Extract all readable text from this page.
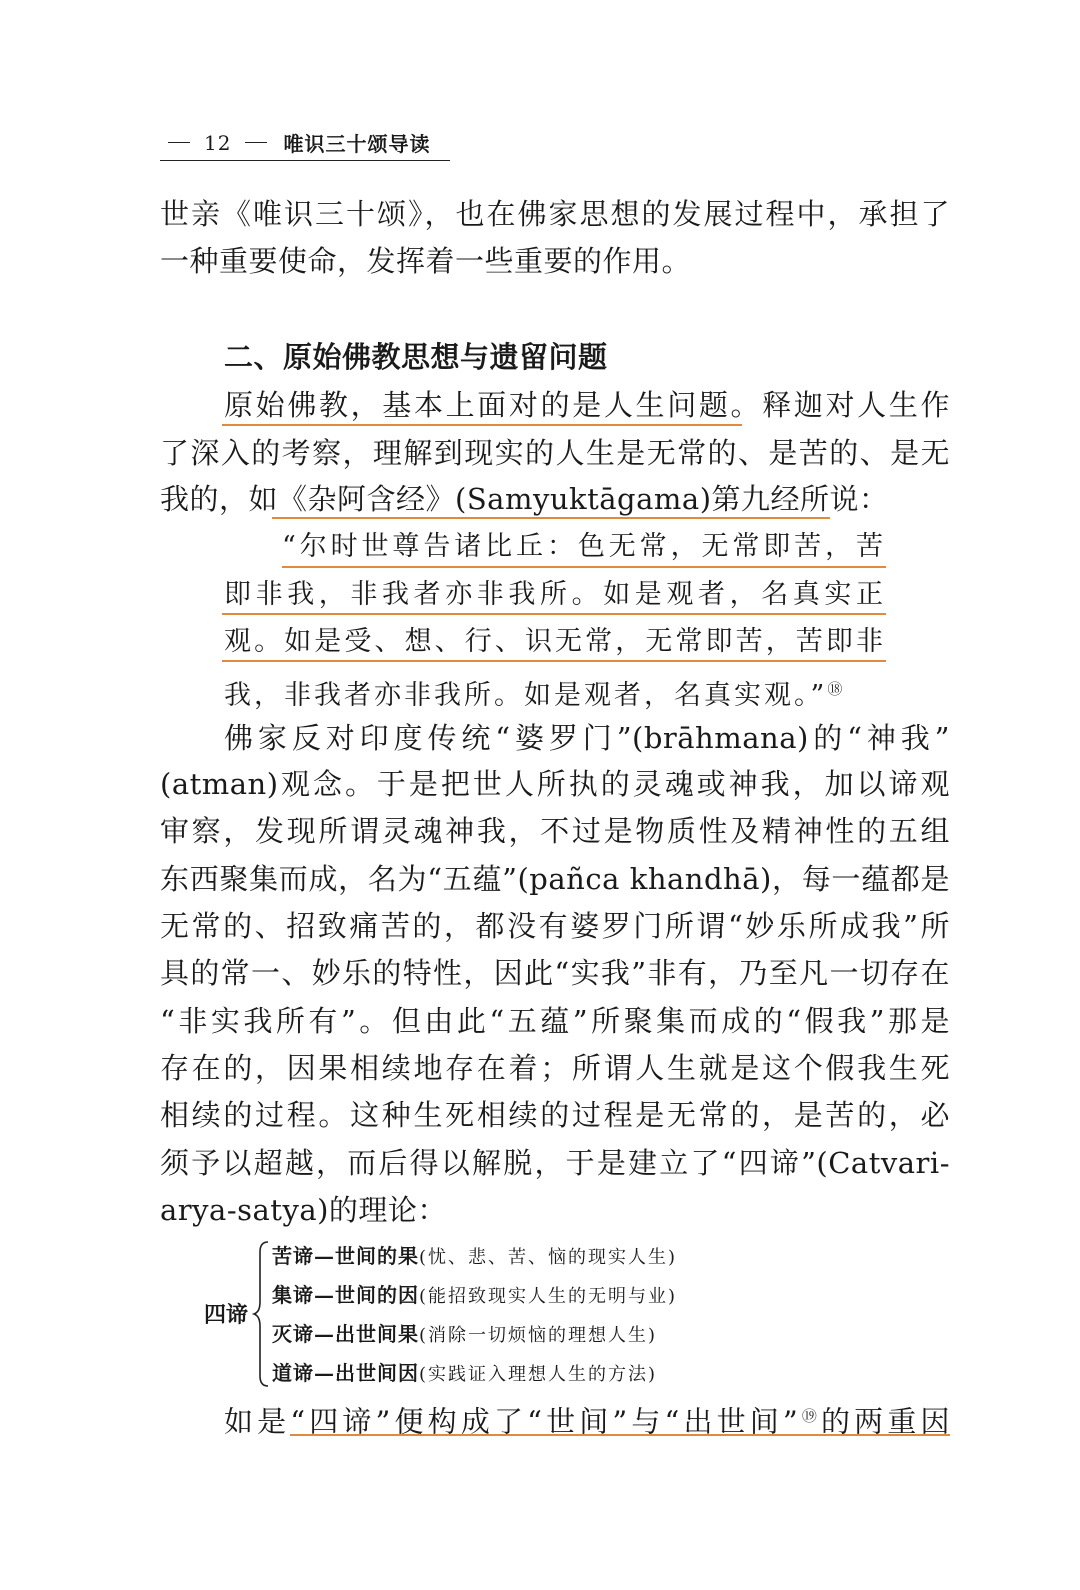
12	唯识三十颂导读
世亲《唯识三十颂》，也在佛家思想的发展过程中，承担了
一种重要使命，发挥着一些重要的作用。
二、原始佛教思想与遗留问题
原始佛教，基本上面对的是人生问题。释迦对人生作
了深入的考察，理解到现实的人生是无常的、是苦的、是无
我的，如《杂阿含经》(Samyuktāgama)第九经所说：
“尔时世尊告诸比丘：色无常，无常即苦，苦
即非我，非我者亦非我所。如是观者，名真实正
观。如是受、想、行、识无常，无常即苦，苦即非
我，非我者亦非我所。如是观者，名真实观。”⑱
佛家反对印度传统“婆罗门”(brāhmana)的“神我”
(atman)观念。于是把世人所执的灵魂或神我，加以谛观
审察，发现所谓灵魂神我，不过是物质性及精神性的五组
东西聚集而成，名为“五蕴”(pañca khandhā)，每一蕴都是
无常的、招致痛苦的，都没有婆罗门所谓“妙乐所成我”所
具的常一、妙乐的特性，因此“实我”非有，乃至凡一切存在
“非实我所有”。但由此“五蕴”所聚集而成的“假我”那是
存在的，因果相续地存在着；所谓人生就是这个假我生死
相续的过程。这种生死相续的过程是无常的，是苦的，必
须予以超越，而后得以解脱，于是建立了“四谛”(Catvari-
arya-satya)的理论：
四谛
苦谛—世间的果(忧、悲、苦、恼的现实人生)
集谛—世间的因(能招致现实人生的无明与业)
灭谛—出世间果(消除一切烦恼的理想人生)
道谛—出世间因(实践证入理想人生的方法)
如是“四谛”便构成了“世间”与“出世间”⑲的两重因
